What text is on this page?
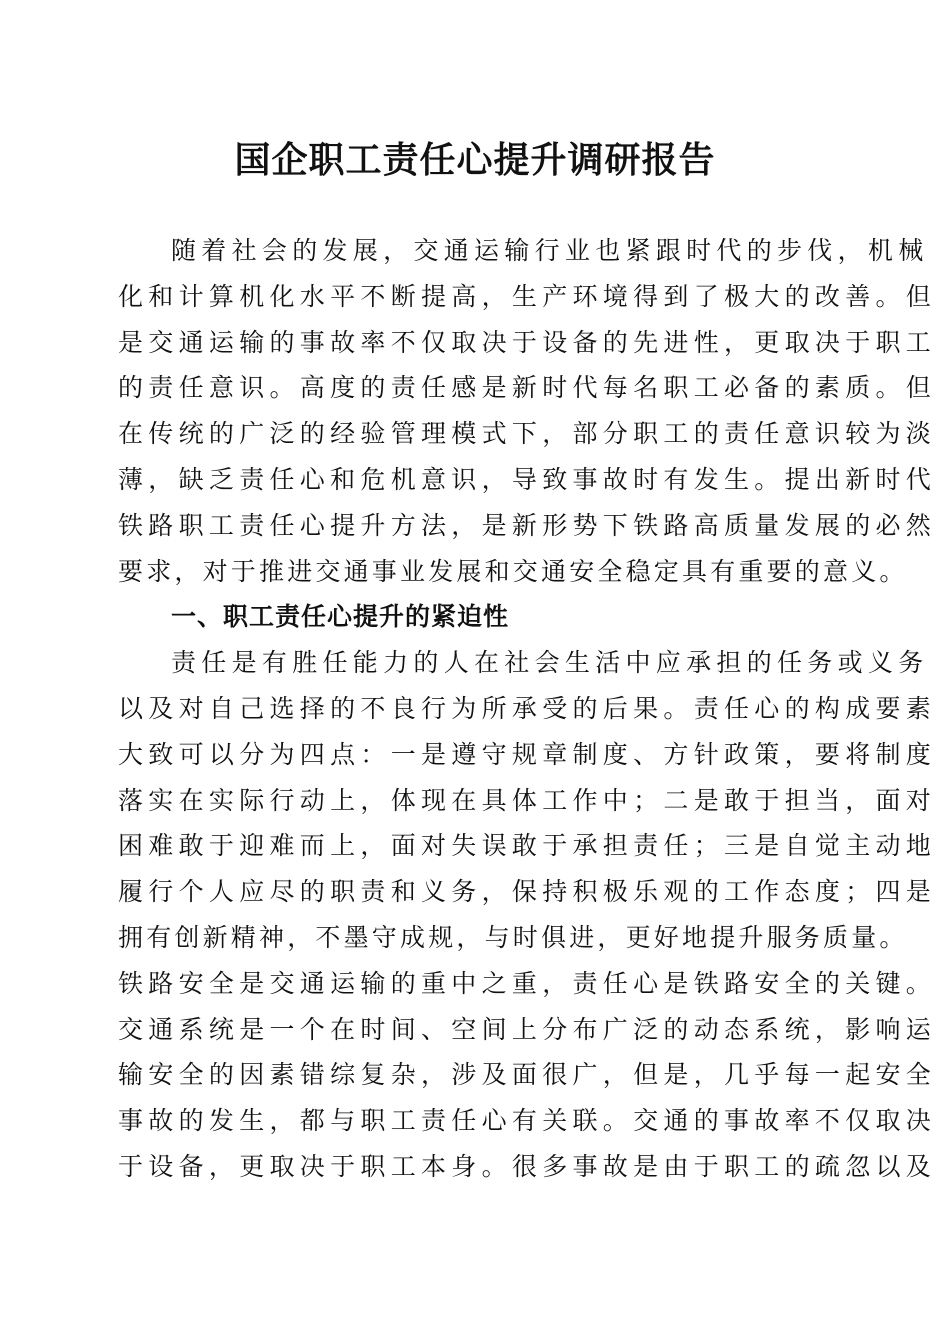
国企职工责任心提升调研报告
随着社会的发展，交通运输行业也紧跟时代的步伐，机械
化和计算机化水平不断提高，生产环境得到了极大的改善。但
是交通运输的事故率不仅取决于设备的先进性，更取决于职工
的责任意识。高度的责任感是新时代每名职工必备的素质。但
在传统的广泛的经验管理模式下，部分职工的责任意识较为淡
薄，缺乏责任心和危机意识，导致事故时有发生。提出新时代
铁路职工责任心提升方法，是新形势下铁路高质量发展的必然
要求，对于推进交通事业发展和交通安全稳定具有重要的意义。
一、职工责任心提升的紧迫性
责任是有胜任能力的人在社会生活中应承担的任务或义务
以及对自己选择的不良行为所承受的后果。责任心的构成要素
大致可以分为四点：一是遵守规章制度、方针政策，要将制度
落实在实际行动上，体现在具体工作中；二是敢于担当，面对
困难敢于迎难而上，面对失误敢于承担责任；三是自觉主动地
履行个人应尽的职责和义务，保持积极乐观的工作态度；四是
拥有创新精神，不墨守成规，与时俱进，更好地提升服务质量。
铁路安全是交通运输的重中之重，责任心是铁路安全的关键。
交通系统是一个在时间、空间上分布广泛的动态系统，影响运
输安全的因素错综复杂，涉及面很广，但是，几乎每一起安全
事故的发生，都与职工责任心有关联。交通的事故率不仅取决
于设备，更取决于职工本身。很多事故是由于职工的疏忽以及
